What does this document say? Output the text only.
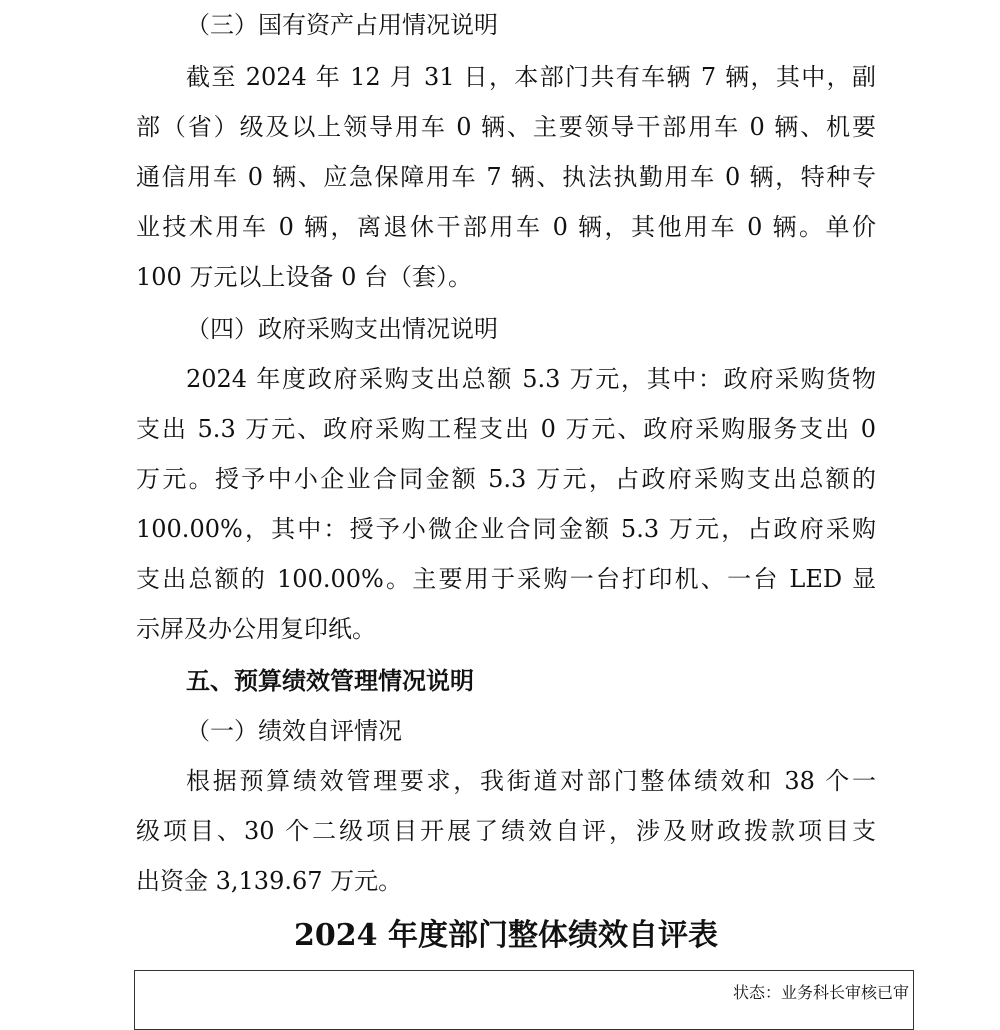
（三）国有资产占用情况说明
截至 2024 年 12 月 31 日，本部门共有车辆 7 辆，其中，副
部（省）级及以上领导用车 0 辆、主要领导干部用车 0 辆、机要
通信用车 0 辆、应急保障用车 7 辆、执法执勤用车 0 辆，特种专
业技术用车 0 辆，离退休干部用车 0 辆，其他用车 0 辆。单价
100 万元以上设备 0 台（套）。
（四）政府采购支出情况说明
2024 年度政府采购支出总额 5.3 万元，其中：政府采购货物
支出 5.3 万元、政府采购工程支出 0 万元、政府采购服务支出 0
万元。授予中小企业合同金额 5.3 万元，占政府采购支出总额的
100.00%，其中：授予小微企业合同金额 5.3 万元，占政府采购
支出总额的 100.00%。主要用于采购一台打印机、一台 LED 显
示屏及办公用复印纸。
五、预算绩效管理情况说明
（一）绩效自评情况
根据预算绩效管理要求，我街道对部门整体绩效和 38 个一
级项目、30 个二级项目开展了绩效自评，涉及财政拨款项目支
出资金 3,139.67 万元。
2024 年度部门整体绩效自评表
状态：业务科长审核已审
